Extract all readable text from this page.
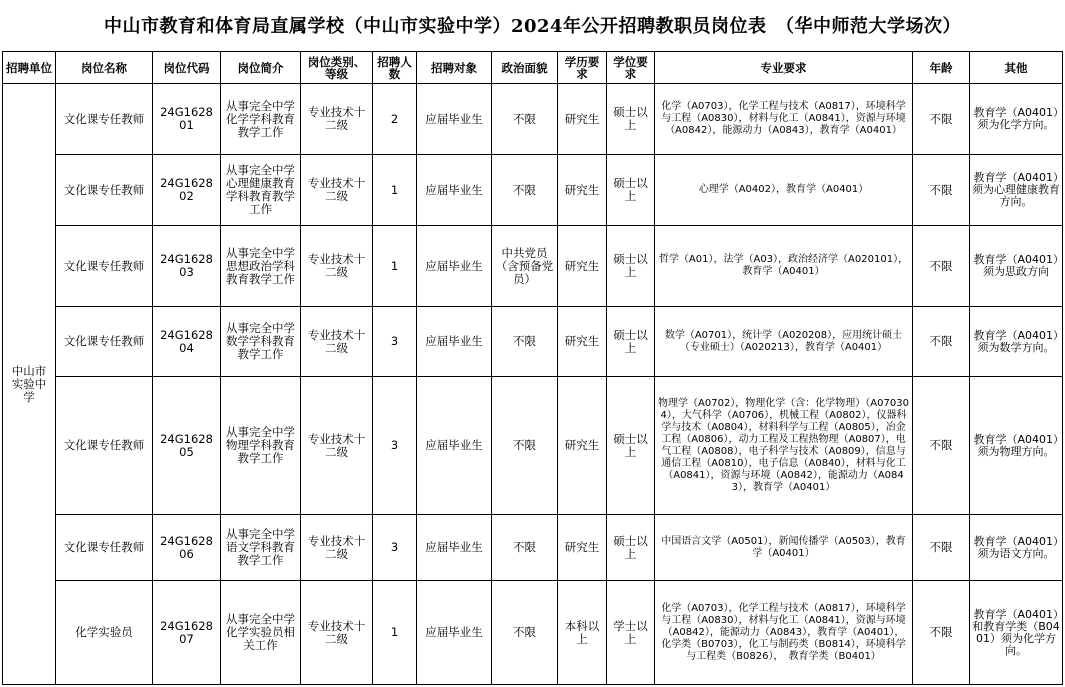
中山市教育和体育局直属学校（中山市实验中学）2024年公开招聘教职员岗位表　（华中师范大学场次）
招聘单位	岗位名称	岗位代码	岗位简介	岗位类别、等级	招聘人数	招聘对象	政治面貌	学历要求	学位要求	专业要求	年龄	其他
中山市实验中学	文化课专任教师	24G162801	从事完全中学化学学科教育教学工作	专业技术十二级	2	应届毕业生	不限	研究生	硕士以上	化学（A0703），化学工程与技术（A0817），环境科学与工程（A0830），材料与化工（A0841），资源与环境（A0842），能源动力（A0843），教育学（A0401）	不限	教育学（A0401）须为化学方向。
	文化课专任教师	24G162802	从事完全中学心理健康教育学科教育教学工作	专业技术十二级	1	应届毕业生	不限	研究生	硕士以上	心理学（A0402），教育学（A0401）	不限	教育学（A0401）须为心理健康教育方向。
	文化课专任教师	24G162803	从事完全中学思想政治学科教育教学工作	专业技术十二级	1	应届毕业生	中共党员（含预备党员）	研究生	硕士以上	哲学（A01），法学（A03），政治经济学（A020101），教育学（A0401）	不限	教育学（A0401）须为思政方向
	文化课专任教师	24G162804	从事完全中学数学学科教育教学工作	专业技术十二级	3	应届毕业生	不限	研究生	硕士以上	数学（A0701），统计学（A020208），应用统计硕士（专业硕士）（A020213），教育学（A0401）	不限	教育学（A0401）须为数学方向。
	文化课专任教师	24G162805	从事完全中学物理学科教育教学工作	专业技术十二级	3	应届毕业生	不限	研究生	硕士以上	物理学（A0702），物理化学（含：化学物理）（A070304），大气科学（A0706），机械工程（A0802），仪器科学与技术（A0804），材料科学与工程（A0805），冶金工程（A0806），动力工程及工程热物理（A0807），电气工程（A0808），电子科学与技术（A0809），信息与通信工程（A0810），电子信息（A0840），材料与化工（A0841），资源与环境（A0842），能源动力（A0843），教育学（A0401）	不限	教育学（A0401）须为物理方向。
	文化课专任教师	24G162806	从事完全中学语文学科教育教学工作	专业技术十二级	3	应届毕业生	不限	研究生	硕士以上	中国语言文学（A0501），新闻传播学（A0503），教育学（A0401）	不限	教育学（A0401）须为语文方向。
	化学实验员	24G162807	从事完全中学化学实验员相关工作	专业技术十二级	1	应届毕业生	不限	本科以上	学士以上	化学（A0703），化学工程与技术（A0817），环境科学与工程（A0830），材料与化工（A0841），资源与环境（A0842），能源动力（A0843），教育学（A0401），化学类（B0703），化工与制药类（B0814），环境科学与工程类（B0826），　教育学类（B0401）	不限	教育学（A0401）和教育学类（B0401）须为化学方向。
